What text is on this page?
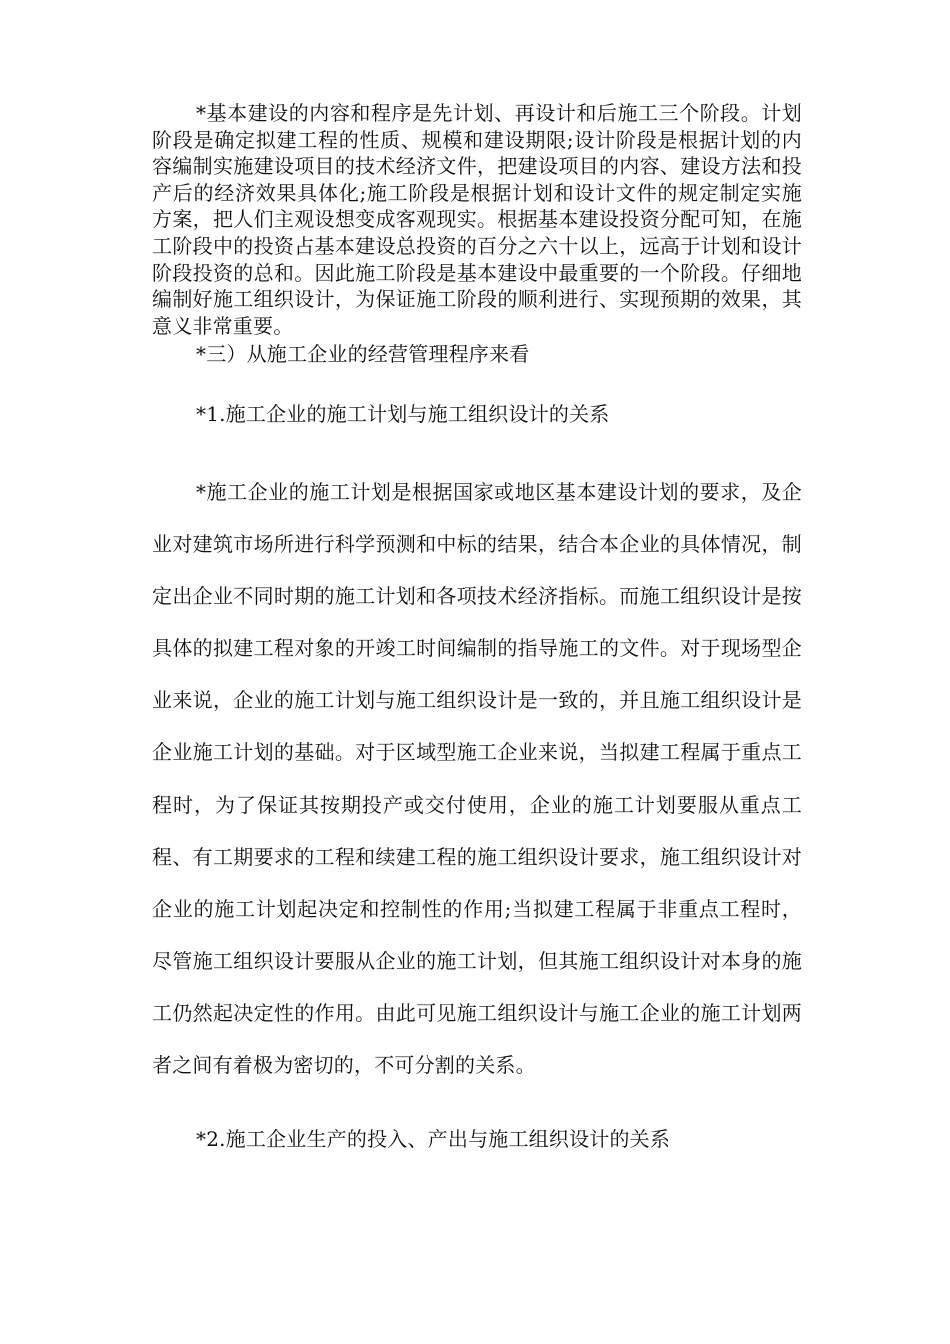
*基本建设的内容和程序是先计划、再设计和后施工三个阶段。计划阶段是确定拟建工程的性质、规模和建设期限;设计阶段是根据计划的内容编制实施建设项目的技术经济文件，把建设项目的内容、建设方法和投产后的经济效果具体化;施工阶段是根据计划和设计文件的规定制定实施方案，把人们主观设想变成客观现实。根据基本建设投资分配可知，在施工阶段中的投资占基本建设总投资的百分之六十以上，远高于计划和设计阶段投资的总和。因此施工阶段是基本建设中最重要的一个阶段。仔细地编制好施工组织设计，为保证施工阶段的顺利进行、实现预期的效果，其意义非常重要。

*三）从施工企业的经营管理程序来看

*1.施工企业的施工计划与施工组织设计的关系

*施工企业的施工计划是根据国家或地区基本建设计划的要求，及企业对建筑市场所进行科学预测和中标的结果，结合本企业的具体情况，制定出企业不同时期的施工计划和各项技术经济指标。而施工组织设计是按具体的拟建工程对象的开竣工时间编制的指导施工的文件。对于现场型企业来说，企业的施工计划与施工组织设计是一致的，并且施工组织设计是企业施工计划的基础。对于区域型施工企业来说，当拟建工程属于重点工程时，为了保证其按期投产或交付使用，企业的施工计划要服从重点工程、有工期要求的工程和续建工程的施工组织设计要求，施工组织设计对企业的施工计划起决定和控制性的作用;当拟建工程属于非重点工程时，尽管施工组织设计要服从企业的施工计划，但其施工组织设计对本身的施工仍然起决定性的作用。由此可见施工组织设计与施工企业的施工计划两者之间有着极为密切的，不可分割的关系。

*2.施工企业生产的投入、产出与施工组织设计的关系
